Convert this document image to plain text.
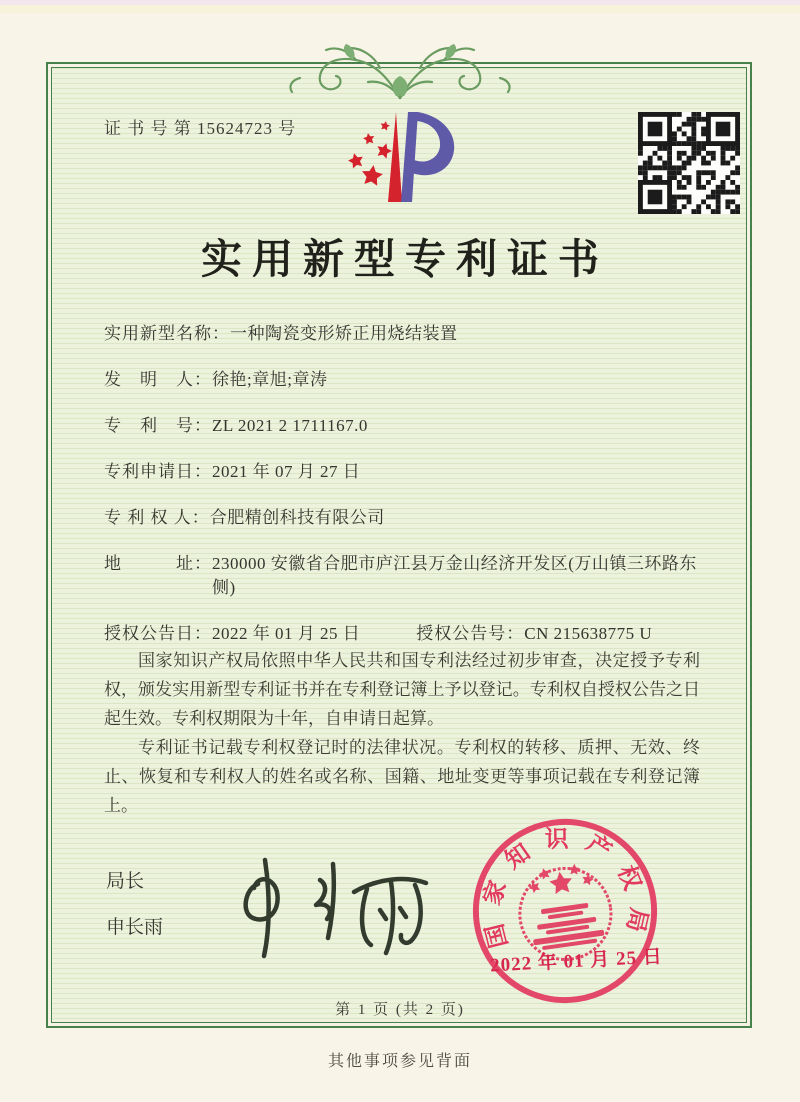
证 书 号 第 15624723 号
实用新型专利证书
实用新型名称： 一种陶瓷变形矫正用烧结装置
发　明　人： 徐艳;章旭;章涛
专　利　号： ZL 2021 2 1711167.0
专利申请日： 2021 年 07 月 27 日
专 利 权 人： 合肥精创科技有限公司
地　　　址： 230000 安徽省合肥市庐江县万金山经济开发区(万山镇三环路东侧)
授权公告日： 2022 年 01 月 25 日	授权公告号： CN 215638775 U

国家知识产权局依照中华人民共和国专利法经过初步审查，决定授予专利权，颁发实用新型专利证书并在专利登记簿上予以登记。专利权自授权公告之日起生效。专利权期限为十年，自申请日起算。

专利证书记载专利权登记时的法律状况。专利权的转移、质押、无效、终止、恢复和专利权人的姓名或名称、国籍、地址变更等事项记载在专利登记簿上。

局长
申长雨	国家知识产权局
2022 年 01 月 25 日
第 1 页 (共 2 页)
其他事项参见背面
